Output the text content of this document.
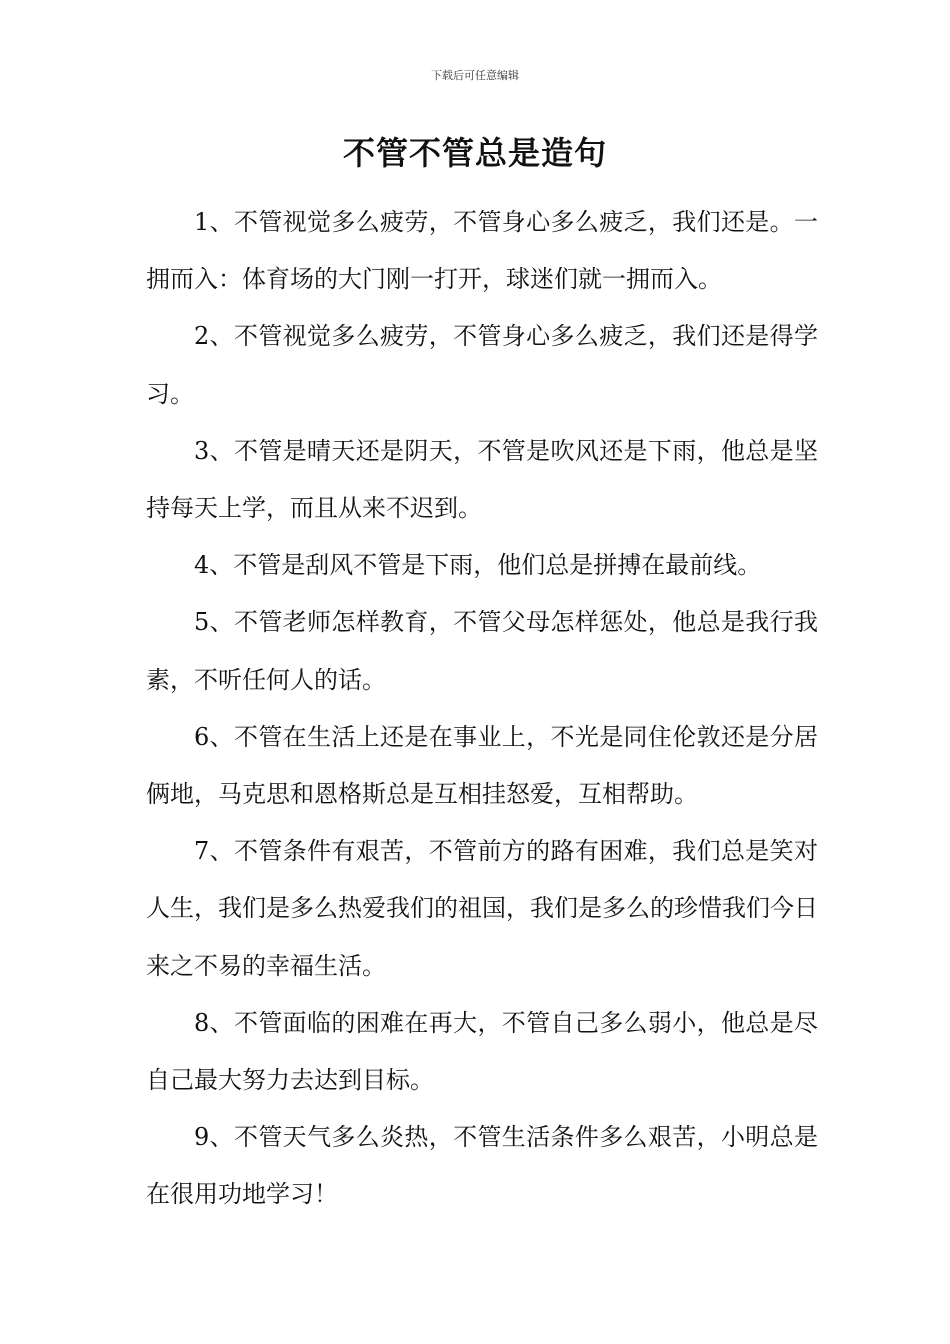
下载后可任意编辑
不管不管总是造句

1、不管视觉多么疲劳，不管身心多么疲乏，我们还是。一拥而入：体育场的大门刚一打开，球迷们就一拥而入。

2、不管视觉多么疲劳，不管身心多么疲乏，我们还是得学习。

3、不管是晴天还是阴天，不管是吹风还是下雨，他总是坚持每天上学，而且从来不迟到。

4、不管是刮风不管是下雨，他们总是拼搏在最前线。

5、不管老师怎样教育，不管父母怎样惩处，他总是我行我素，不听任何人的话。

6、不管在生活上还是在事业上，不光是同住伦敦还是分居俩地，马克思和恩格斯总是互相挂怒爱，互相帮助。

7、不管条件有艰苦，不管前方的路有困难，我们总是笑对人生，我们是多么热爱我们的祖国，我们是多么的珍惜我们今日来之不易的幸福生活。

8、不管面临的困难在再大，不管自己多么弱小，他总是尽自己最大努力去达到目标。

9、不管天气多么炎热，不管生活条件多么艰苦，小明总是在很用功地学习！
